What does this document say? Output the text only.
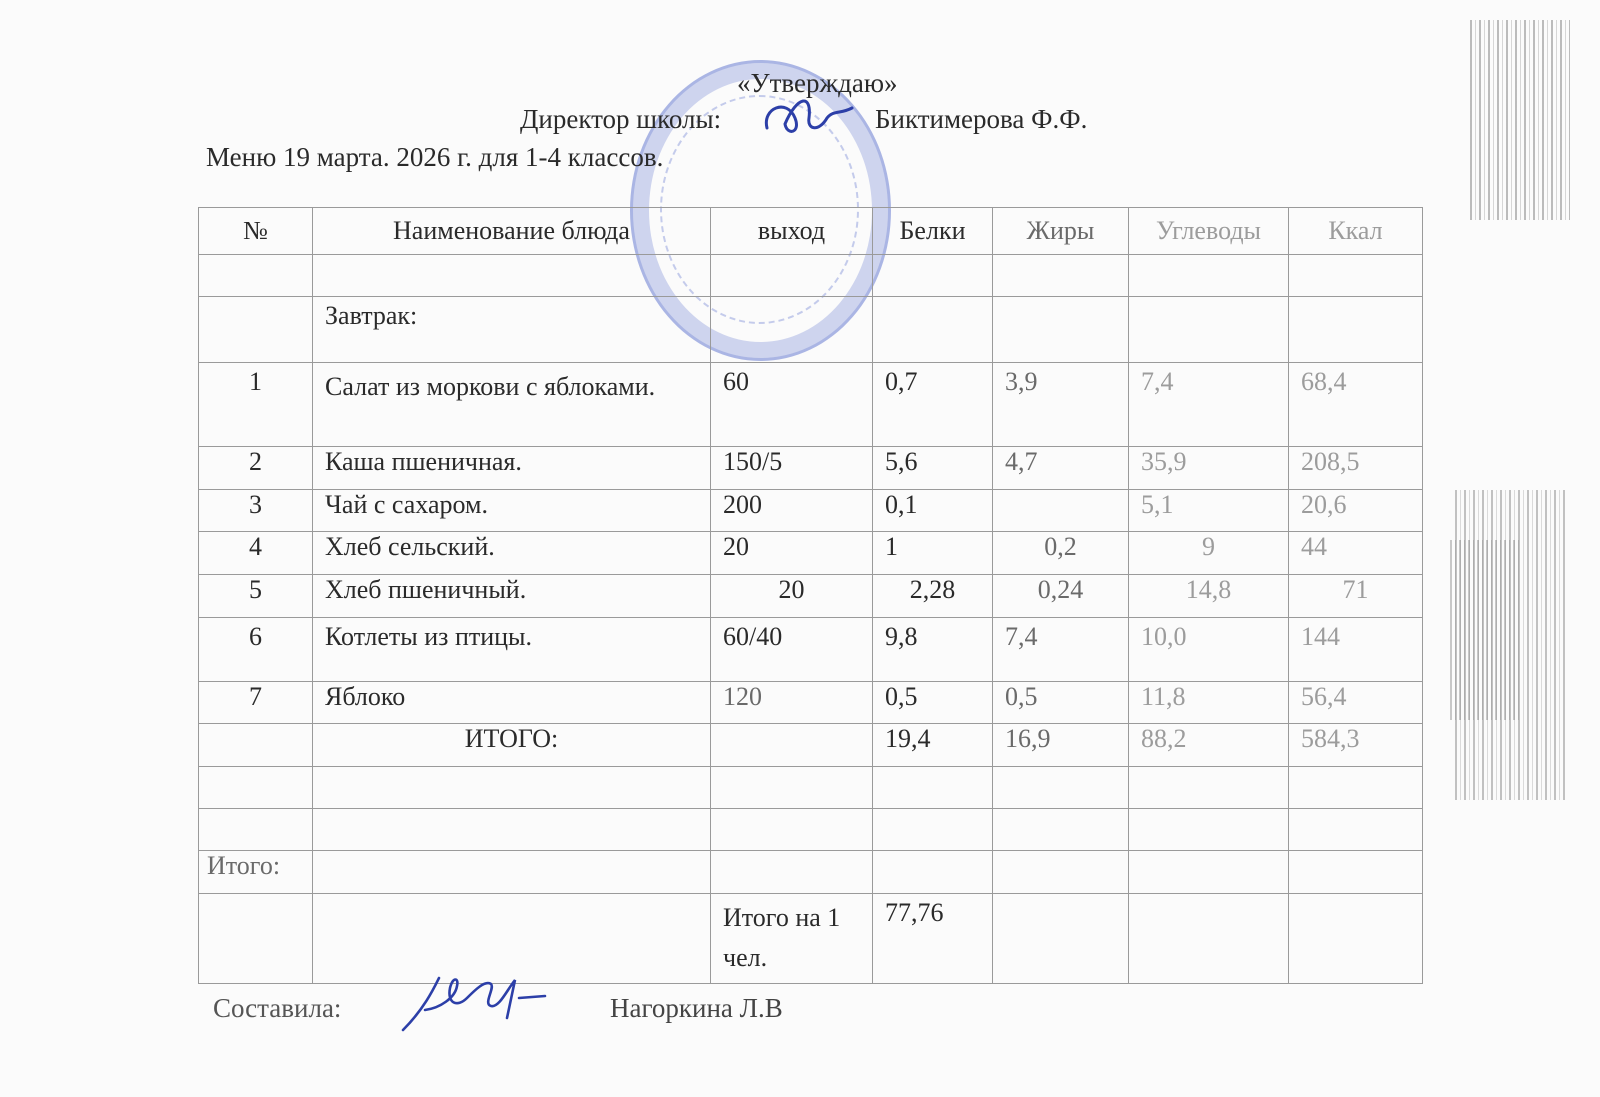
«Утверждаю»
Директор школы:	Биктимерова Ф.Ф.
Меню 19 марта. 2026 г. для 1-4 классов.
№	Наименование блюда	выход	Белки	Жиры	Углеводы	Ккал

	Завтрак:					
1	Салат из моркови с яблоками.	60	0,7	3,9	7,4	68,4
2	Каша пшеничная.	150/5	5,6	4,7	35,9	208,5
3	Чай с сахаром.	200	0,1		5,1	20,6
4	Хлеб сельский.	20	1	0,2	9	44
5	Хлеб пшеничный.	20	2,28	0,24	14,8	71
6	Котлеты из птицы.	60/40	9,8	7,4	10,0	144
7	Яблоко	120	0,5	0,5	11,8	56,4
	ИТОГО:		19,4	16,9	88,2	584,3

Итого:						
		Итого на 1 чел.	77,76			
Составила:	Нагоркина Л.В
